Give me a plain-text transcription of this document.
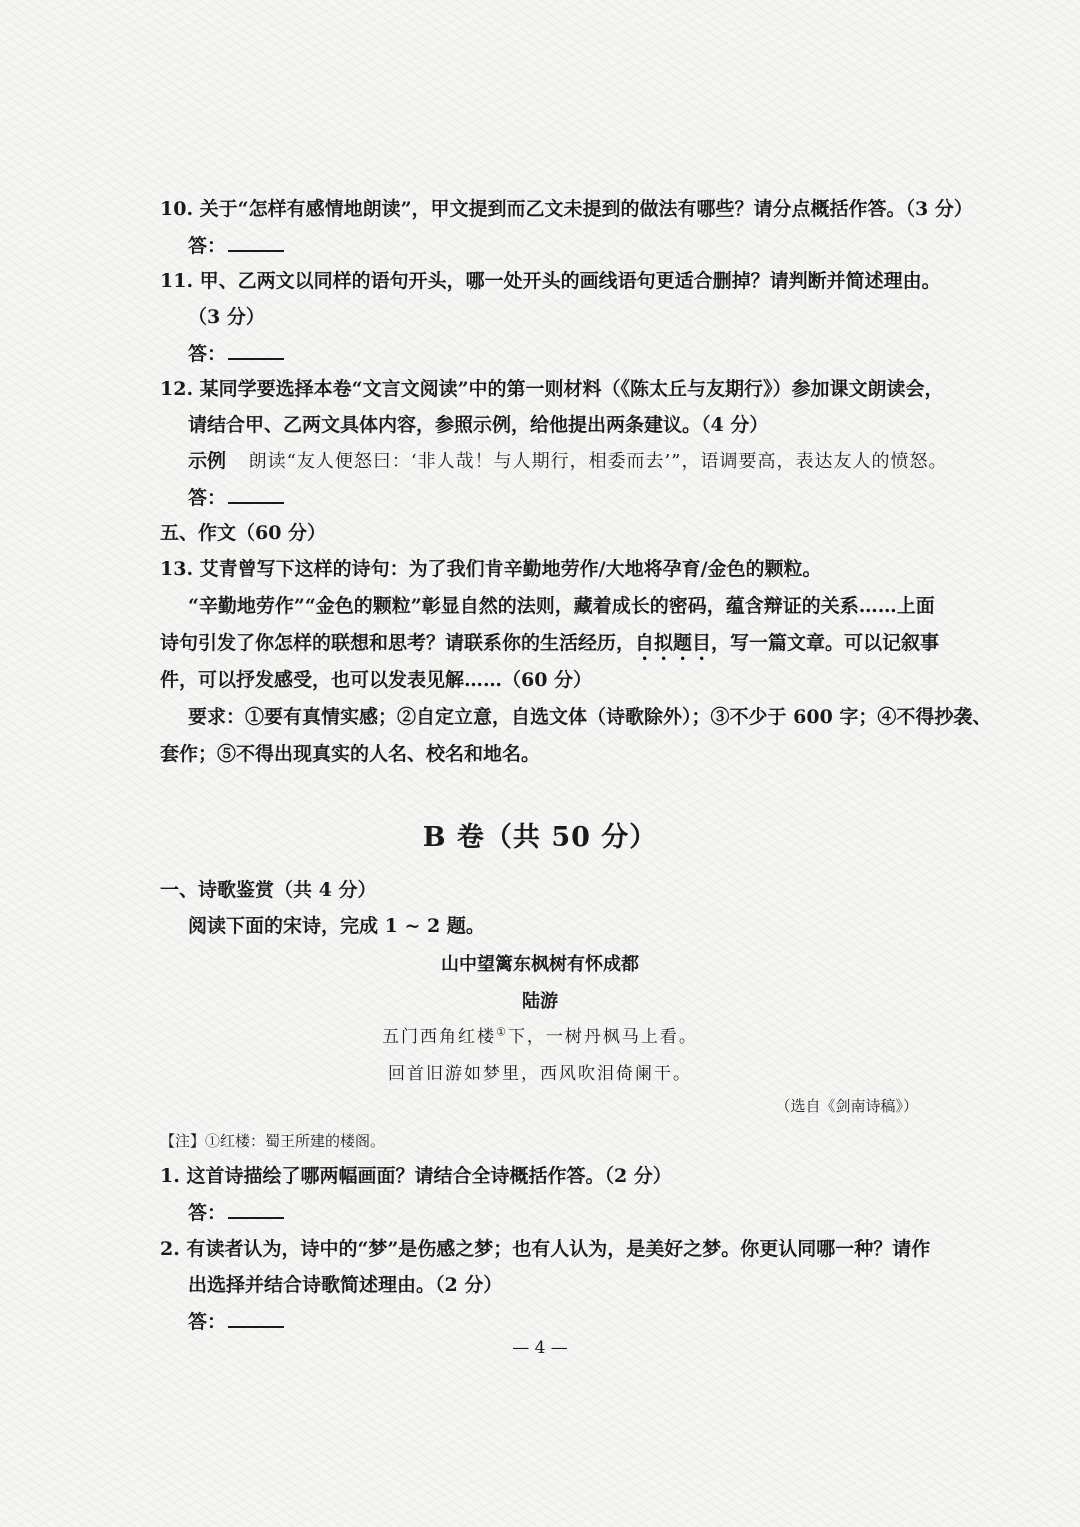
10. 关于“怎样有感情地朗读”，甲文提到而乙文未提到的做法有哪些？请分点概括作答。（3 分）
答：
11. 甲、乙两文以同样的语句开头，哪一处开头的画线语句更适合删掉？请判断并简述理由。
（3 分）
答：
12. 某同学要选择本卷“文言文阅读”中的第一则材料（《陈太丘与友期行》）参加课文朗读会，
请结合甲、乙两文具体内容，参照示例，给他提出两条建议。（4 分）
示例 朗读“友人便怒曰：‘非人哉！与人期行，相委而去’”，语调要高，表达友人的愤怒。
答：
五、作文（60 分）
13. 艾青曾写下这样的诗句：为了我们肯辛勤地劳作/大地将孕育/金色的颗粒。
“辛勤地劳作”“金色的颗粒”彰显自然的法则，藏着成长的密码，蕴含辩证的关系……上面
诗句引发了你怎样的联想和思考？请联系你的生活经历，自拟题目，写一篇文章。可以记叙事
件，可以抒发感受，也可以发表见解……（60 分）
要求：①要有真情实感；②自定立意，自选文体（诗歌除外）；③不少于 600 字；④不得抄袭、
套作；⑤不得出现真实的人名、校名和地名。
B 卷（共 50 分）
一、诗歌鉴赏（共 4 分）
阅读下面的宋诗，完成 1 ~ 2 题。
山中望篱东枫树有怀成都
陆游
五门西角红楼①下，一树丹枫马上看。
回首旧游如梦里，西风吹泪倚阑干。
（选自《剑南诗稿》）
【注】①红楼：蜀王所建的楼阁。
1. 这首诗描绘了哪两幅画面？请结合全诗概括作答。（2 分）
答：
2. 有读者认为，诗中的“梦”是伤感之梦；也有人认为，是美好之梦。你更认同哪一种？请作
出选择并结合诗歌简述理由。（2 分）
答：
— 4 —
